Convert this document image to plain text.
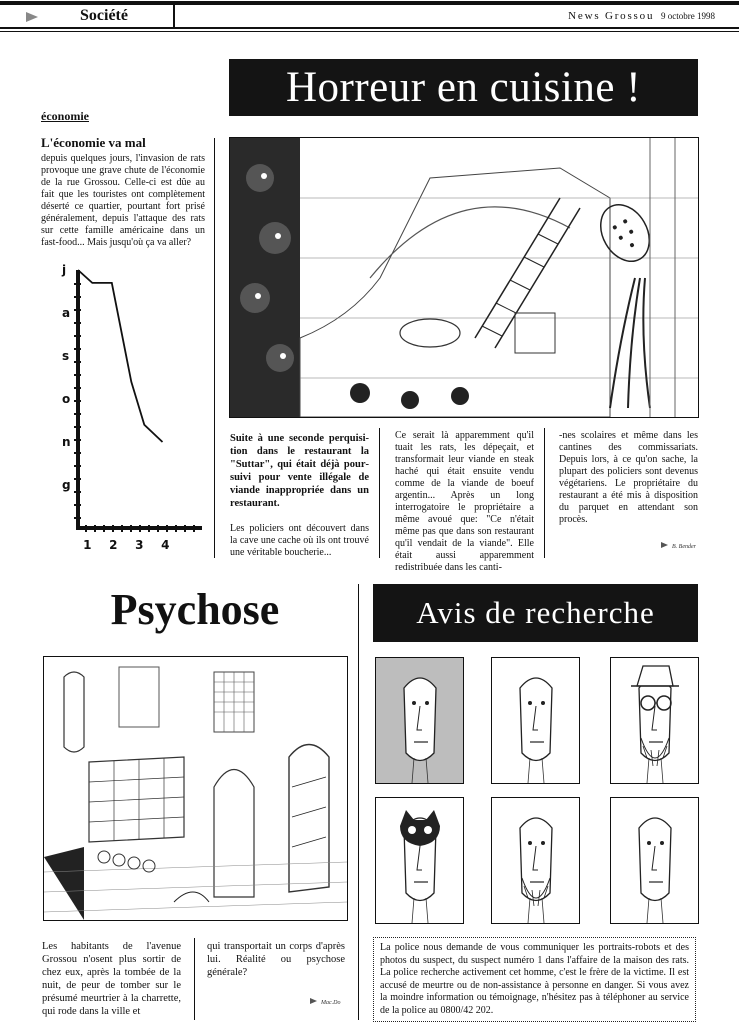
Société	News Grossou 9 octobre 1998
Horreur en cuisine !
économie
L'économie va mal
depuis quelques jours, l'invasion de rats provoque une grave chute de l'économie de la rue Grossou. Celle-ci est dûe au fait que les touristes ont complètement déserté ce quartier, pourtant fort prisé généralement, depuis l'attaque des rats sur cette famille américaine dans un fast-food... Mais jusqu'où ça va aller?
j
a
s
o
n
g
1 2 3 4
Suite à une seconde perquisition dans le restaurant la "Suttar", qui était déjà poursuivi pour vente illégale de viande inappropriée dans un restaurant.
Les policiers ont découvert dans la cave une cache où ils ont trouvé une véritable boucherie...
Ce serait là apparemment qu'il tuait les rats, les dépeçait, et transformait leur viande en steak haché qui était ensuite vendu comme de la viande de boeuf argentin... Après un long interrogatoire le propriétaire a même avoué que: "Ce n'était même pas que dans son restaurant qu'il vendait de la viande". Elle était aussi apparemment redistribuée dans les canti-
-nes scolaires et même dans les cantines des commissariats. Depuis lors, à ce qu'on sache, la plupart des policiers sont devenus végétariens. Le propriétaire du restaurant a été mis à disposition du parquet en attendant son procès.
B. Bender
Psychose
Les habitants de l'avenue Grossou n'osent plus sortir de chez eux, après la tombée de la nuit, de peur de tomber sur le présumé meurtrier à la charrette, qui rode dans la ville et
qui transportait un corps d'après lui. Réalité ou psychose générale?
Mac.Do
Avis de recherche
La police nous demande de vous communiquer les portraits-robots et des photos du suspect, du suspect numéro 1 dans l'affaire de la maison des rats. La police recherche activement cet homme, c'est le frère de la victime. Il est accusé de meurtre ou de non-assistance à personne en danger. Si vous avez la moindre information ou témoignage, n'hésitez pas à téléphoner au service de la police au 0800/42 202.
